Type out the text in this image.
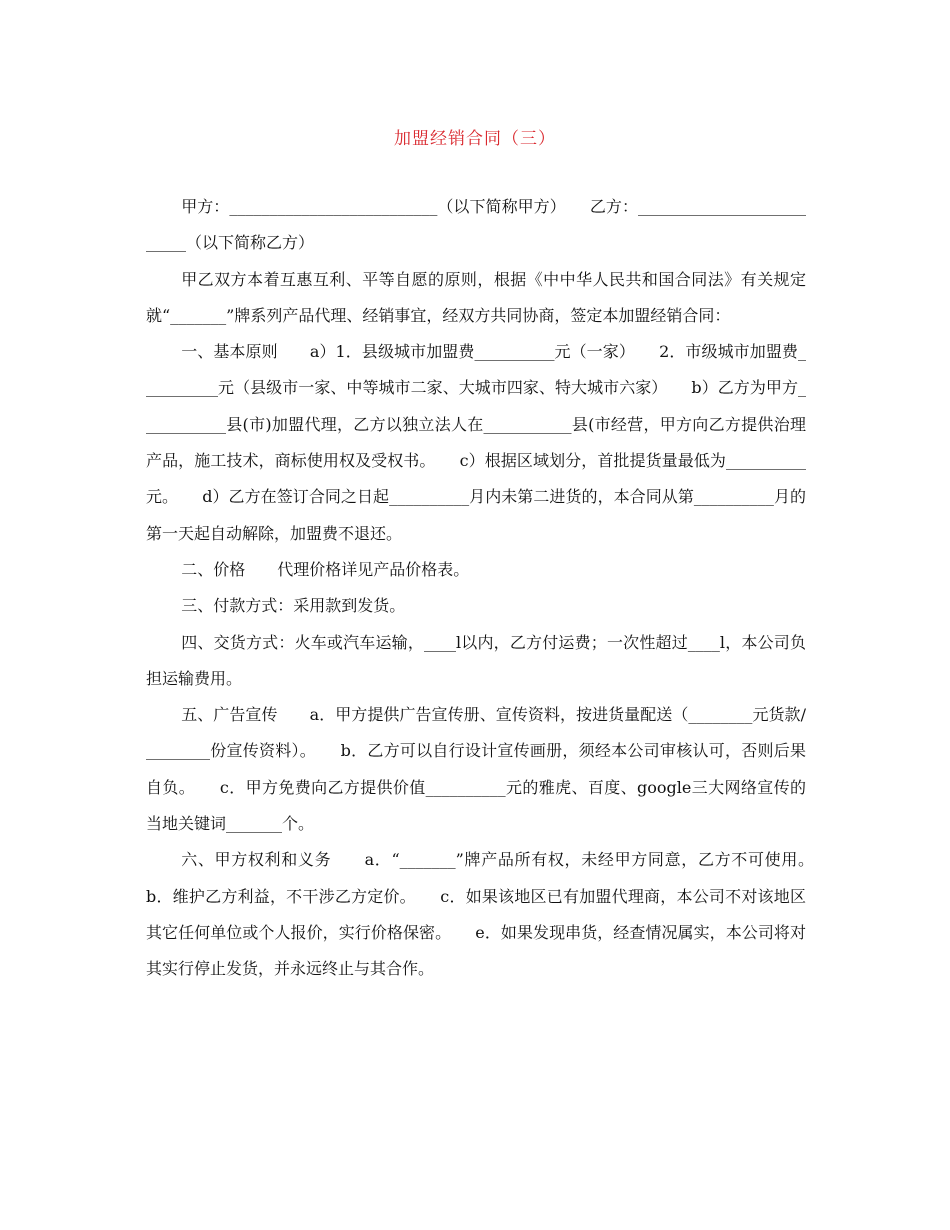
加盟经销合同（三）

甲方：__________________________（以下简称甲方）　　乙方：__________________________（以下简称乙方）

甲乙双方本着互惠互利、平等自愿的原则，根据《中中华人民共和国合同法》有关规定就“_______”牌系列产品代理、经销事宜，经双方共同协商，签定本加盟经销合同：

一、基本原则　　a）1．县级城市加盟费__________元（一家）　　2．市级城市加盟费__________元（县级市一家、中等城市二家、大城市四家、特大城市六家）　　b）乙方为甲方___________县(市)加盟代理，乙方以独立法人在___________县(市经营，甲方向乙方提供治理产品，施工技术，商标使用权及受权书。　　c）根据区域划分，首批提货量最低为__________元。　　d）乙方在签订合同之日起__________月内未第二进货的，本合同从第__________月的第一天起自动解除，加盟费不退还。

二、价格　　代理价格详见产品价格表。

三、付款方式：采用款到发货。

四、交货方式：火车或汽车运输，____l以内，乙方付运费；一次性超过____l，本公司负担运输费用。

五、广告宣传　　a．甲方提供广告宣传册、宣传资料，按进货量配送（________元货款/________份宣传资料）。　　b．乙方可以自行设计宣传画册，须经本公司审核认可，否则后果自负。　　c．甲方免费向乙方提供价值__________元的雅虎、百度、google三大网络宣传的当地关键词_______个。

六、甲方权利和义务　　a．“_______”牌产品所有权，未经甲方同意，乙方不可使用。　　b．维护乙方利益，不干涉乙方定价。　　c．如果该地区已有加盟代理商，本公司不对该地区其它任何单位或个人报价，实行价格保密。　　e．如果发现串货，经查情况属实，本公司将对其实行停止发货，并永远终止与其合作。
